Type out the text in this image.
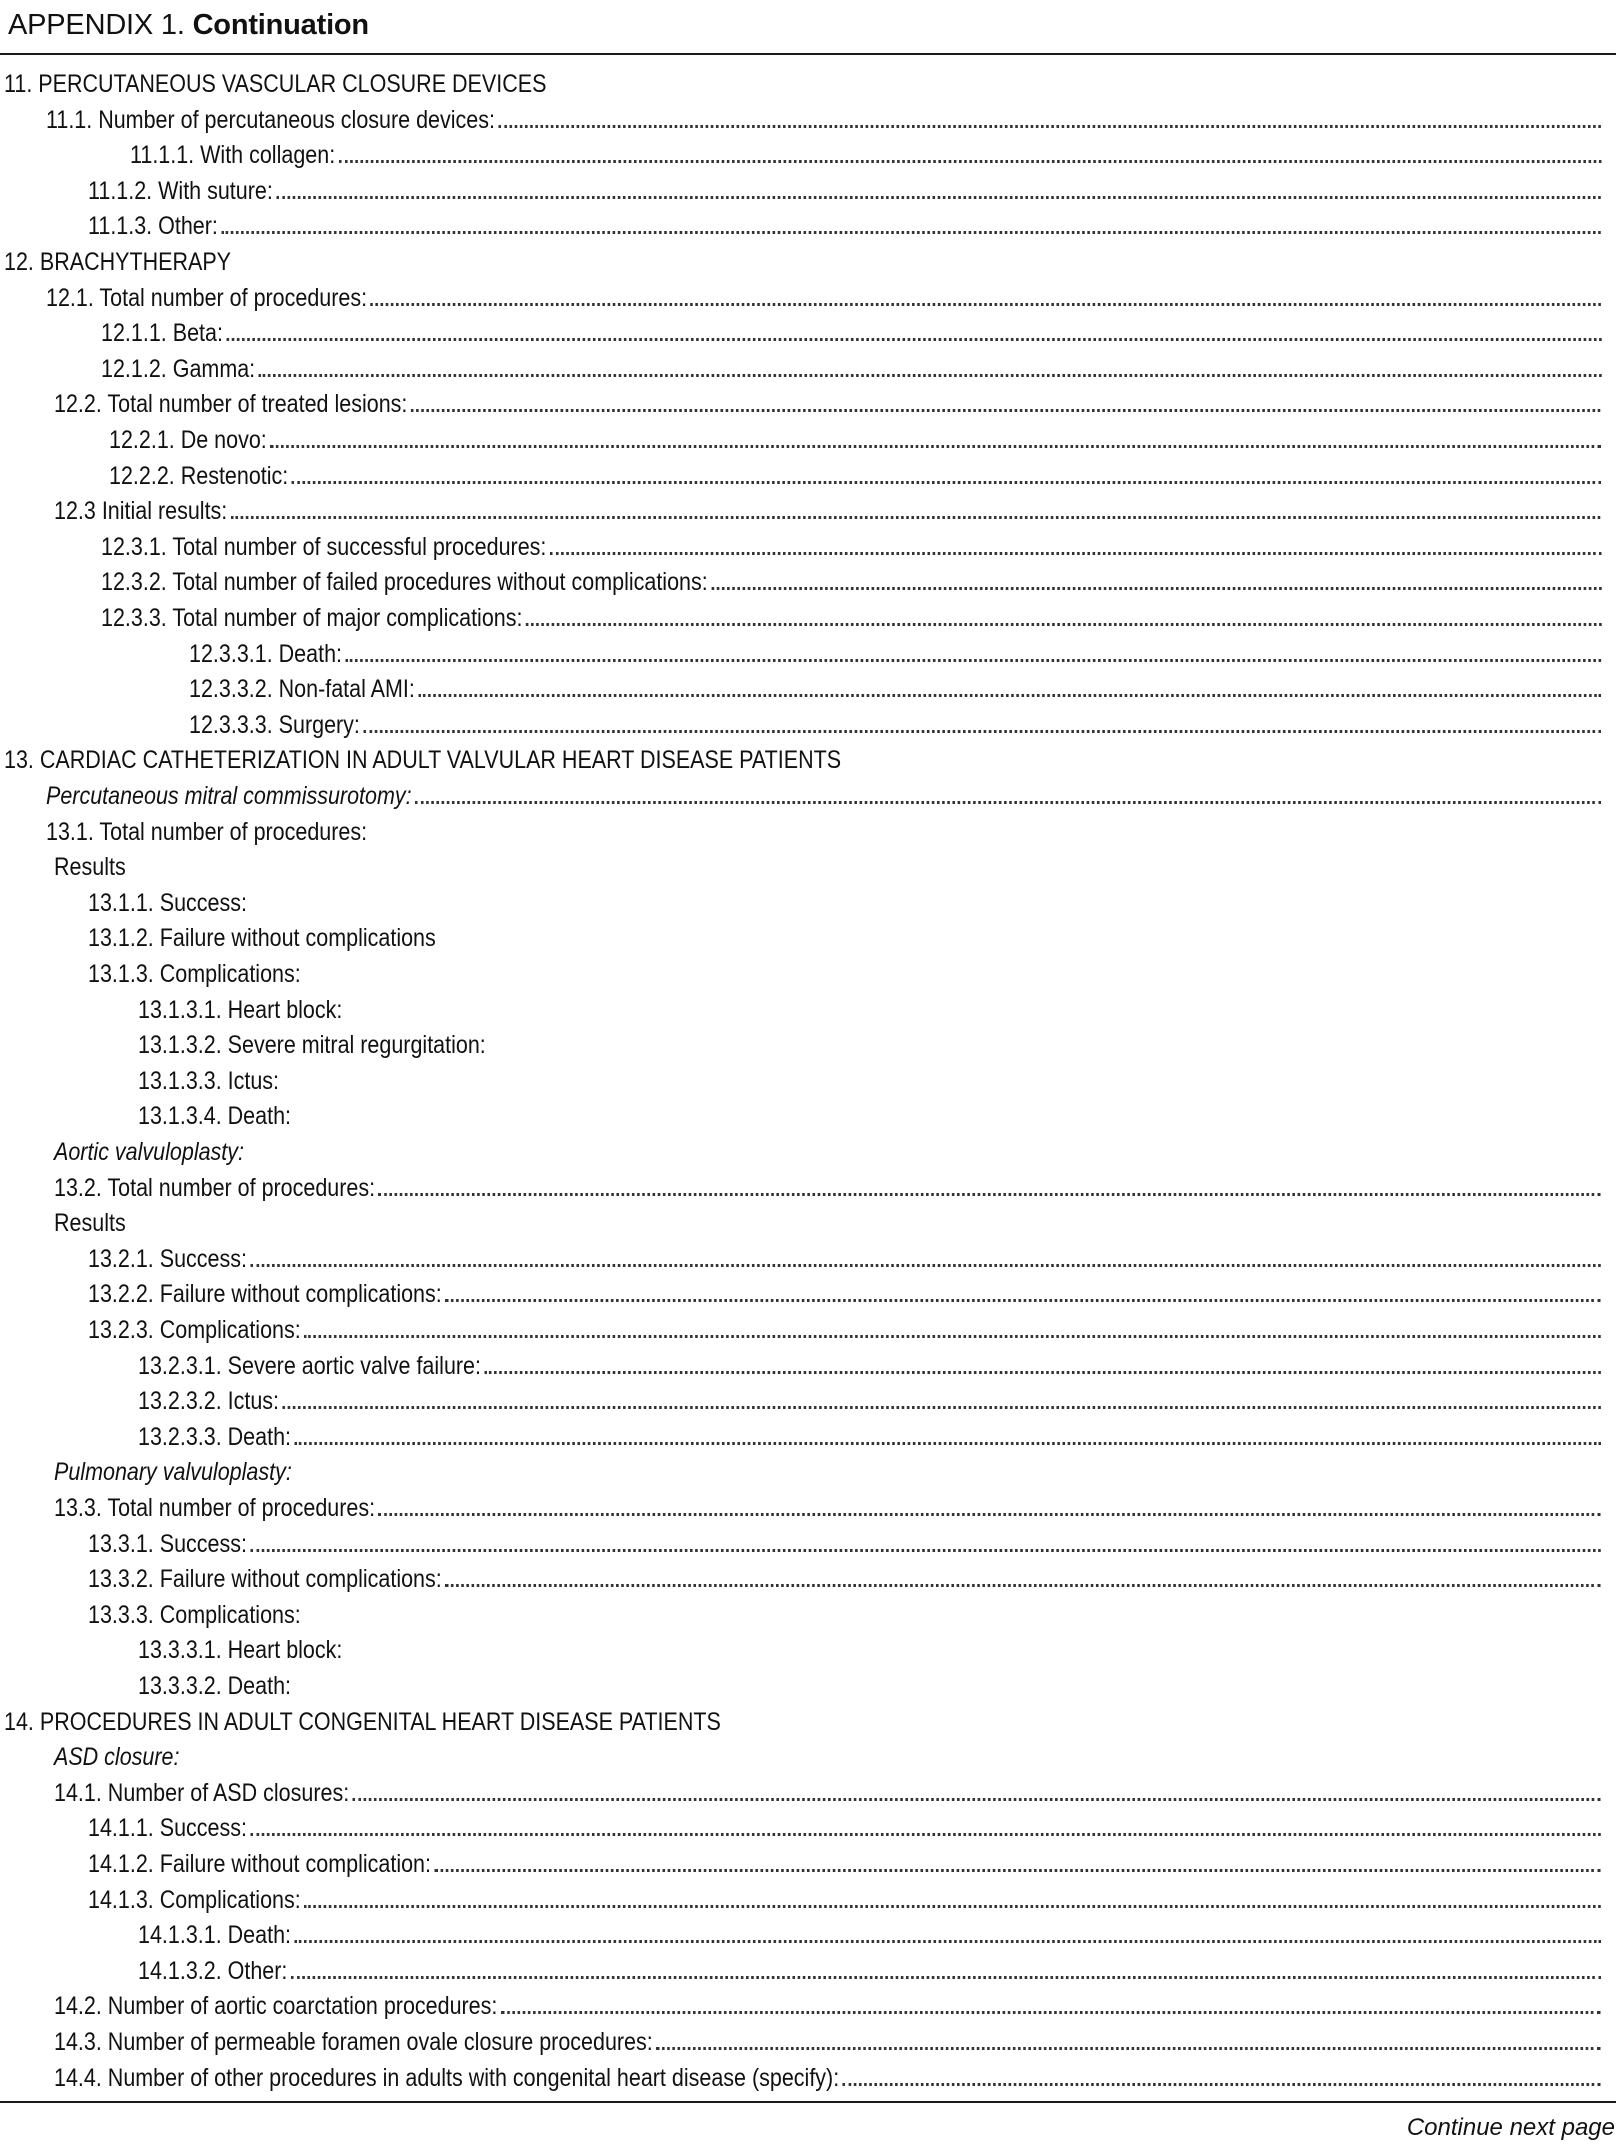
APPENDIX 1. Continuation
11. PERCUTANEOUS VASCULAR CLOSURE DEVICES
11.1. Number of percutaneous closure devices:
11.1.1. With collagen:
11.1.2. With suture:
11.1.3. Other:
12. BRACHYTHERAPY
12.1. Total number of procedures:
12.1.1. Beta:
12.1.2. Gamma:
12.2. Total number of treated lesions:
12.2.1. De novo:
12.2.2. Restenotic:
12.3 Initial results:
12.3.1. Total number of successful procedures:
12.3.2. Total number of failed procedures without complications:
12.3.3. Total number of major complications:
12.3.3.1. Death:
12.3.3.2. Non-fatal AMI:
12.3.3.3. Surgery:
13. CARDIAC CATHETERIZATION IN ADULT VALVULAR HEART DISEASE PATIENTS
Percutaneous mitral commissurotomy:
13.1. Total number of procedures:
Results
13.1.1. Success:
13.1.2. Failure without complications
13.1.3. Complications:
13.1.3.1. Heart block:
13.1.3.2. Severe mitral regurgitation:
13.1.3.3. Ictus:
13.1.3.4. Death:
Aortic valvuloplasty:
13.2. Total number of procedures:
Results
13.2.1. Success:
13.2.2. Failure without complications:
13.2.3. Complications:
13.2.3.1. Severe aortic valve failure:
13.2.3.2. Ictus:
13.2.3.3. Death:
Pulmonary valvuloplasty:
13.3. Total number of procedures:
13.3.1. Success:
13.3.2. Failure without complications:
13.3.3. Complications:
13.3.3.1. Heart block:
13.3.3.2. Death:
14. PROCEDURES IN ADULT CONGENITAL HEART DISEASE PATIENTS
ASD closure:
14.1. Number of ASD closures:
14.1.1. Success:
14.1.2. Failure without complication:
14.1.3. Complications:
14.1.3.1. Death:
14.1.3.2. Other:
14.2. Number of aortic coarctation procedures:
14.3. Number of permeable foramen ovale closure procedures:
14.4. Number of other procedures in adults with congenital heart disease (specify):
Continue next page
